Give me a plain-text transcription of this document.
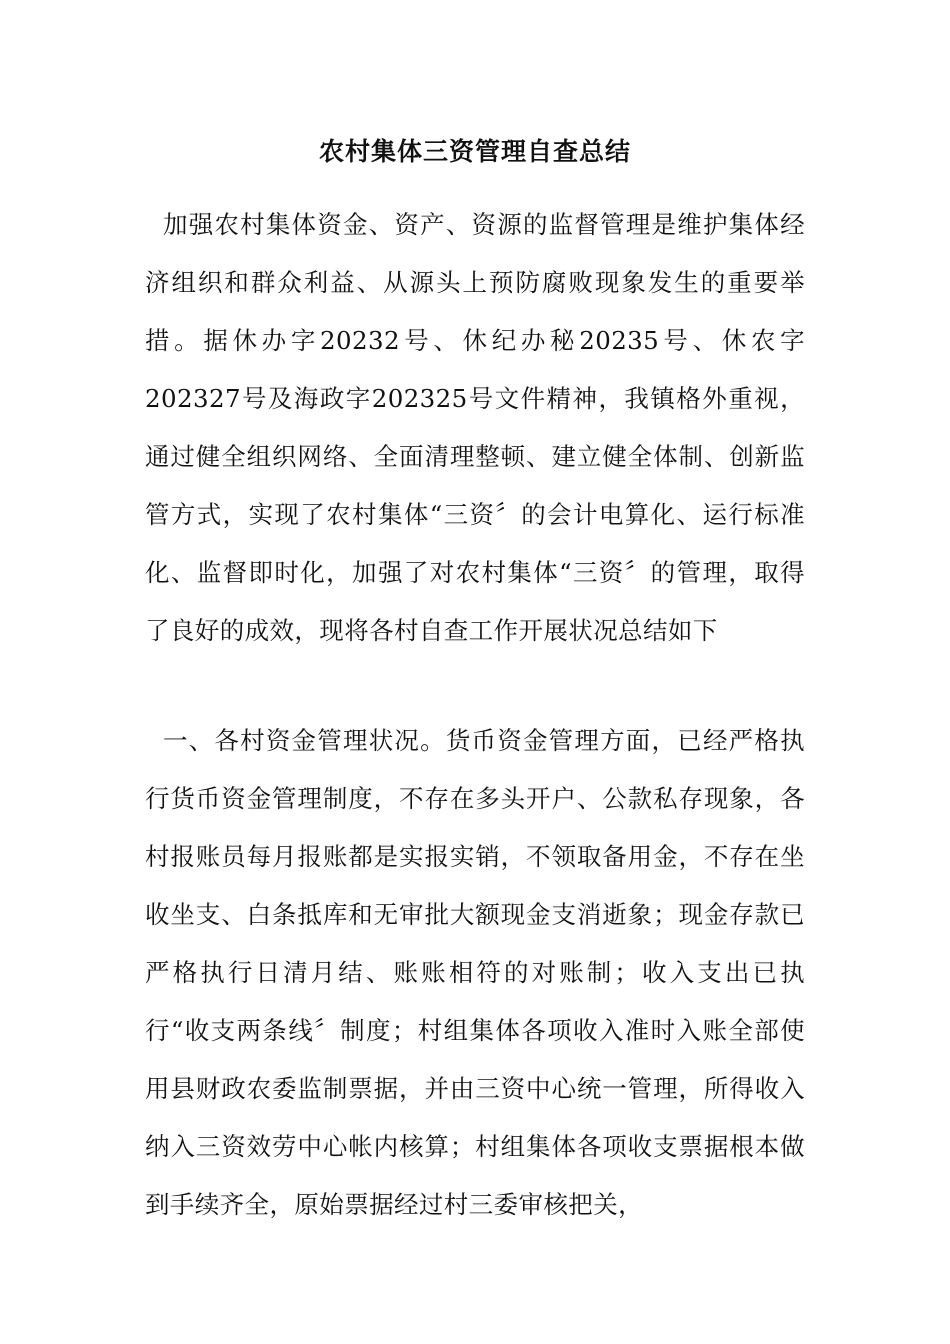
农村集体三资管理自查总结

加强农村集体资金、资产、资源的监督管理是维护集体经济组织和群众利益、从源头上预防腐败现象发生的重要举措。据休办字20232号、休纪办秘20235号、休农字202327号及海政字202325号文件精神，我镇格外重视，通过健全组织网络、全面清理整顿、建立健全体制、创新监管方式，实现了农村集体“三资〞的会计电算化、运行标准化、监督即时化，加强了对农村集体“三资〞的管理，取得了良好的成效，现将各村自查工作开展状况总结如下

一、各村资金管理状况。货币资金管理方面，已经严格执行货币资金管理制度，不存在多头开户、公款私存现象，各村报账员每月报账都是实报实销，不领取备用金，不存在坐收坐支、白条抵库和无审批大额现金支消逝象；现金存款已严格执行日清月结、账账相符的对账制；收入支出已执行“收支两条线〞制度；村组集体各项收入准时入账全部使用县财政农委监制票据，并由三资中心统一管理，所得收入纳入三资效劳中心帐内核算；村组集体各项收支票据根本做到手续齐全，原始票据经过村三委审核把关，
